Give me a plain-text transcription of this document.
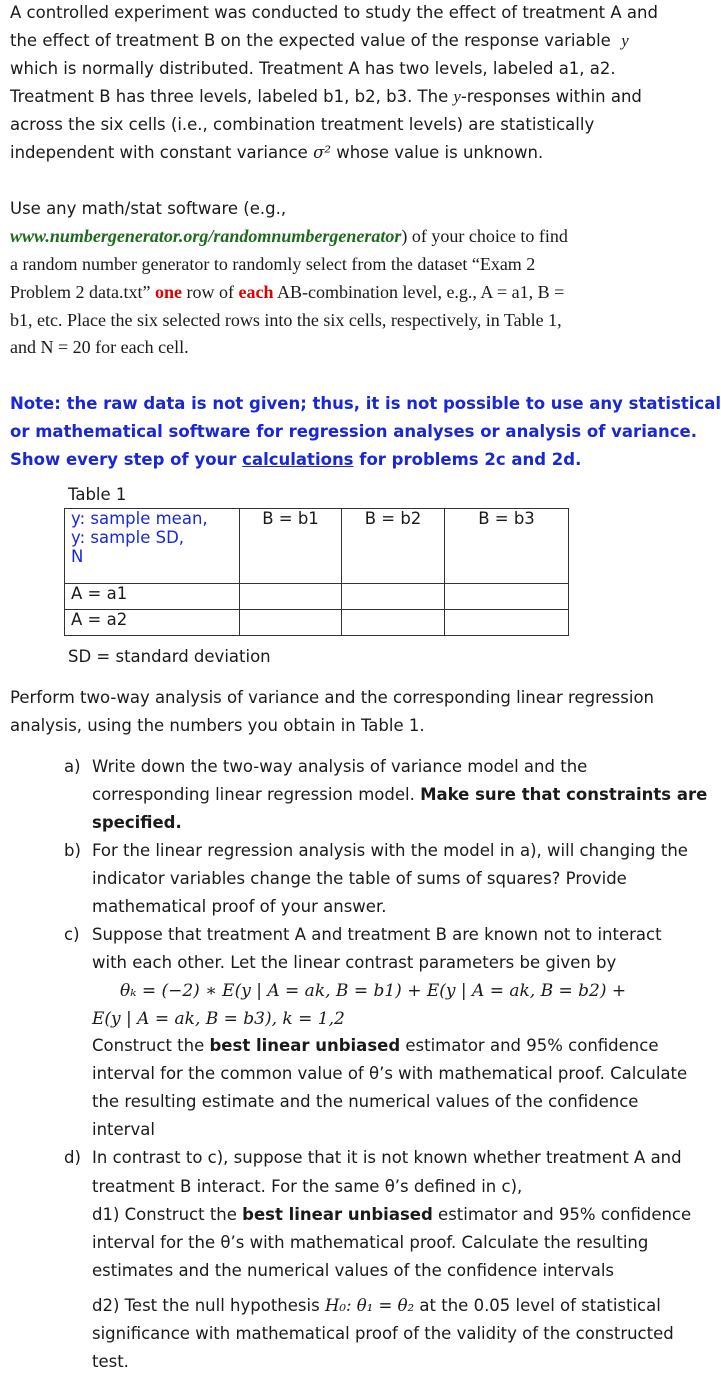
A controlled experiment was conducted to study the effect of treatment A and
the effect of treatment B on the expected value of the response variable y
which is normally distributed. Treatment A has two levels, labeled a1, a2.
Treatment B has three levels, labeled b1, b2, b3. The y-responses within and
across the six cells (i.e., combination treatment levels) are statistically
independent with constant variance σ² whose value is unknown.
Use any math/stat software (e.g.,
www.numbergenerator.org/randomnumbergenerator) of your choice to find
a random number generator to randomly select from the dataset “Exam 2
Problem 2 data.txt” one row of each AB-combination level, e.g., A = a1, B =
b1, etc. Place the six selected rows into the six cells, respectively, in Table 1,
and N = 20 for each cell.
Note: the raw data is not given; thus, it is not possible to use any statistical
or mathematical software for regression analyses or analysis of variance.
Show every step of your calculations for problems 2c and 2d.
Table 1
y: sample mean,
y: sample SD,
N	B = b1	B = b2	B = b3
A = a1			
A = a2			
SD = standard deviation
Perform two-way analysis of variance and the corresponding linear regression
analysis, using the numbers you obtain in Table 1.
a) Write down the two-way analysis of variance model and the
corresponding linear regression model. Make sure that constraints are
specified.
b) For the linear regression analysis with the model in a), will changing the
indicator variables change the table of sums of squares? Provide
mathematical proof of your answer.
c) Suppose that treatment A and treatment B are known not to interact
with each other. Let the linear contrast parameters be given by
θₖ = (−2) ∗ E(y | A = ak, B = b1) + E(y | A = ak, B = b2) +
E(y | A = ak, B = b3), k = 1,2
Construct the best linear unbiased estimator and 95% confidence
interval for the common value of θ’s with mathematical proof. Calculate
the resulting estimate and the numerical values of the confidence
interval
d) In contrast to c), suppose that it is not known whether treatment A and
treatment B interact. For the same θ’s defined in c),
d1) Construct the best linear unbiased estimator and 95% confidence
interval for the θ’s with mathematical proof. Calculate the resulting
estimates and the numerical values of the confidence intervals
d2) Test the null hypothesis H₀: θ₁ = θ₂ at the 0.05 level of statistical
significance with mathematical proof of the validity of the constructed
test.
